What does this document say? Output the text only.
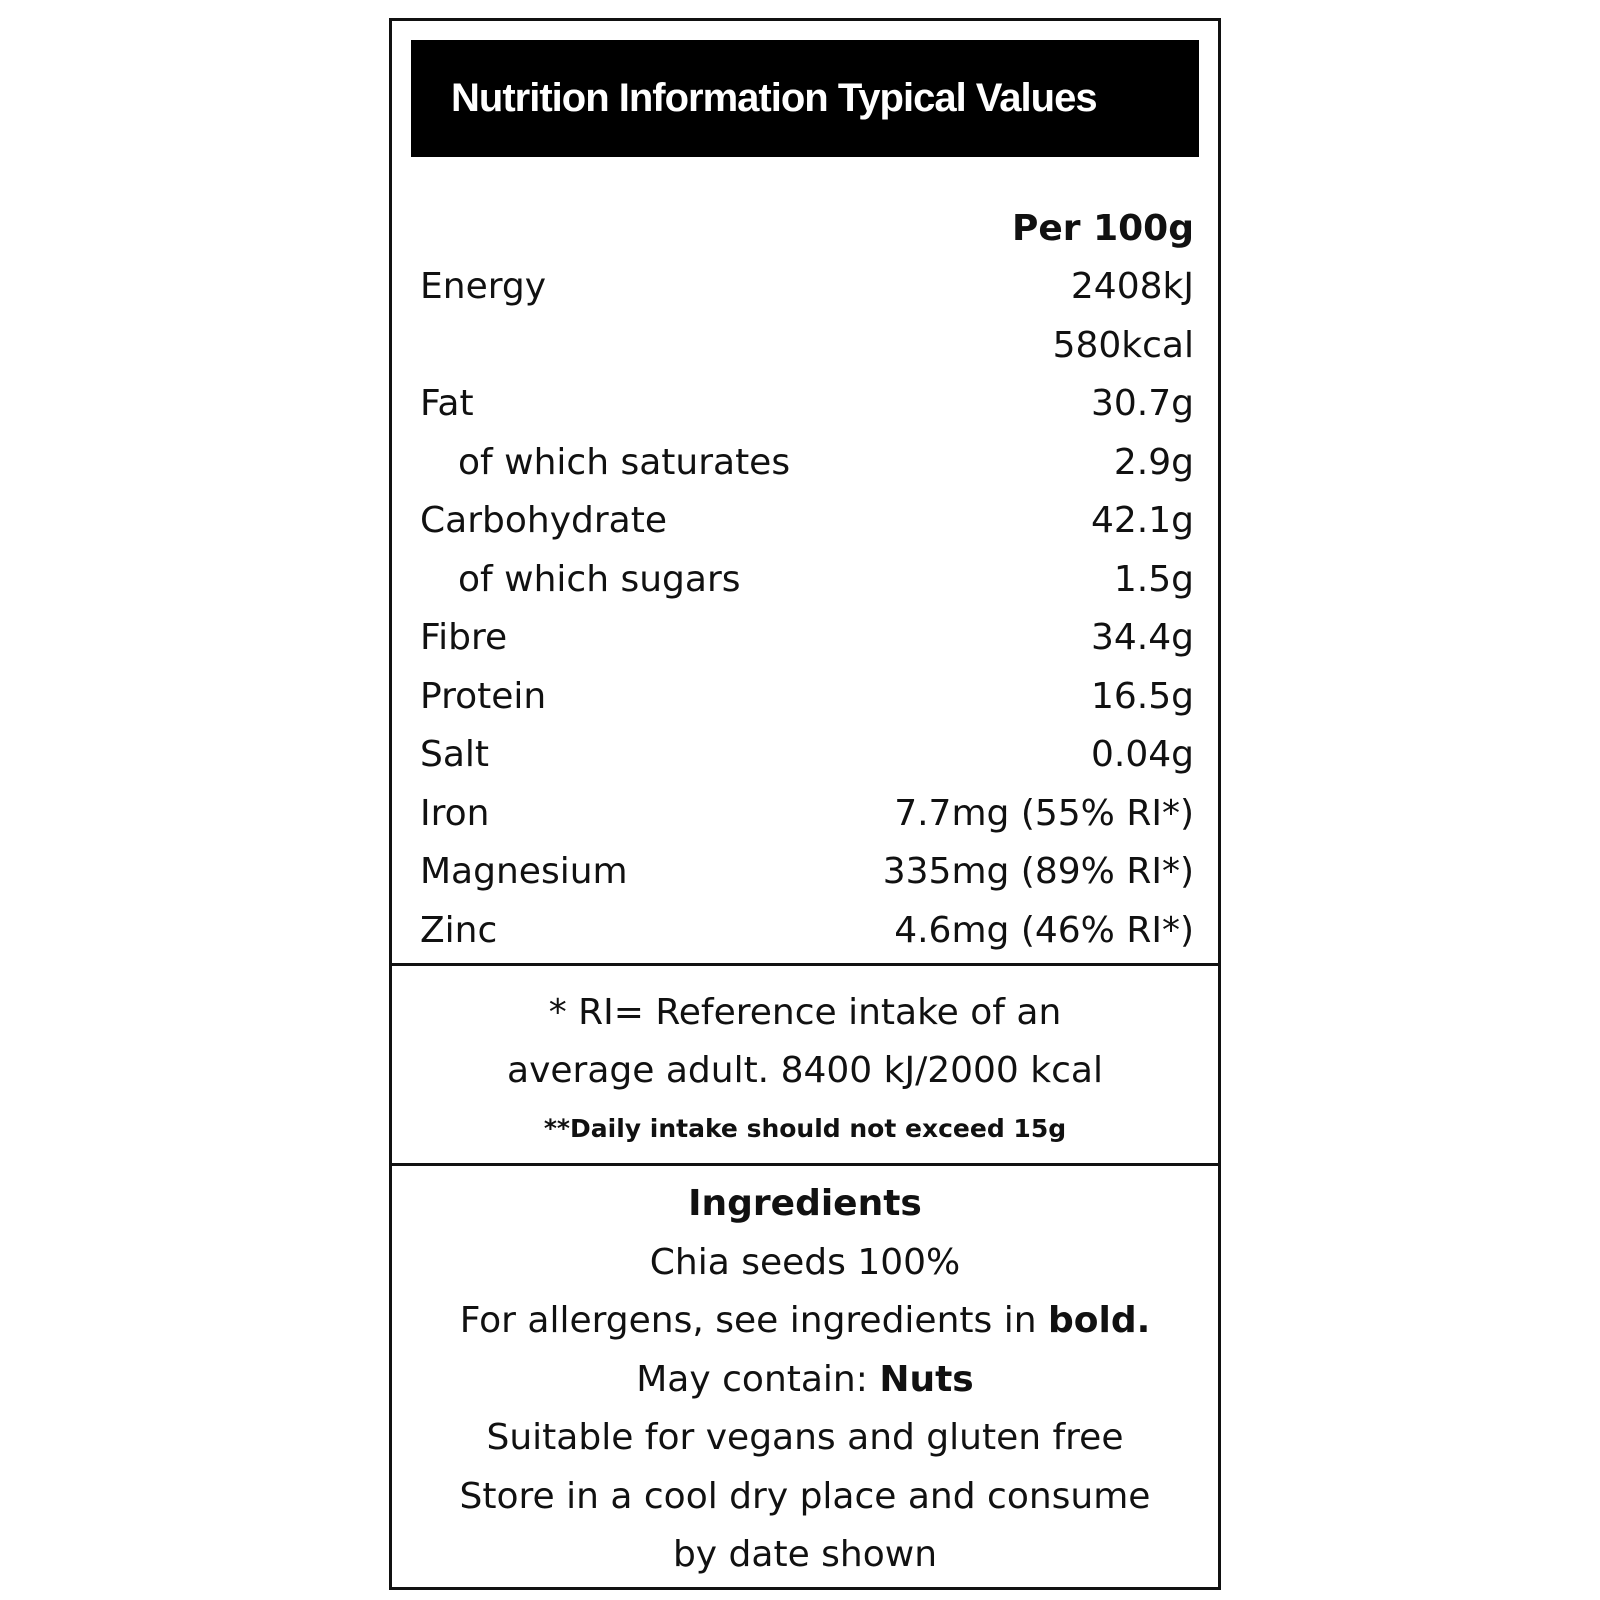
Nutrition Information Typical Values
Per 100g
Energy	2408kJ
580kcal
Fat	30.7g
of which saturates	2.9g
Carbohydrate	42.1g
of which sugars	1.5g
Fibre	34.4g
Protein	16.5g
Salt	0.04g
Iron	7.7mg (55% RI*)
Magnesium	335mg (89% RI*)
Zinc	4.6mg (46% RI*)
* RI= Reference intake of an
average adult. 8400 kJ/2000 kcal
**Daily intake should not exceed 15g
Ingredients
Chia seeds 100%
For allergens, see ingredients in bold.
May contain: Nuts
Suitable for vegans and gluten free
Store in a cool dry place and consume
by date shown
